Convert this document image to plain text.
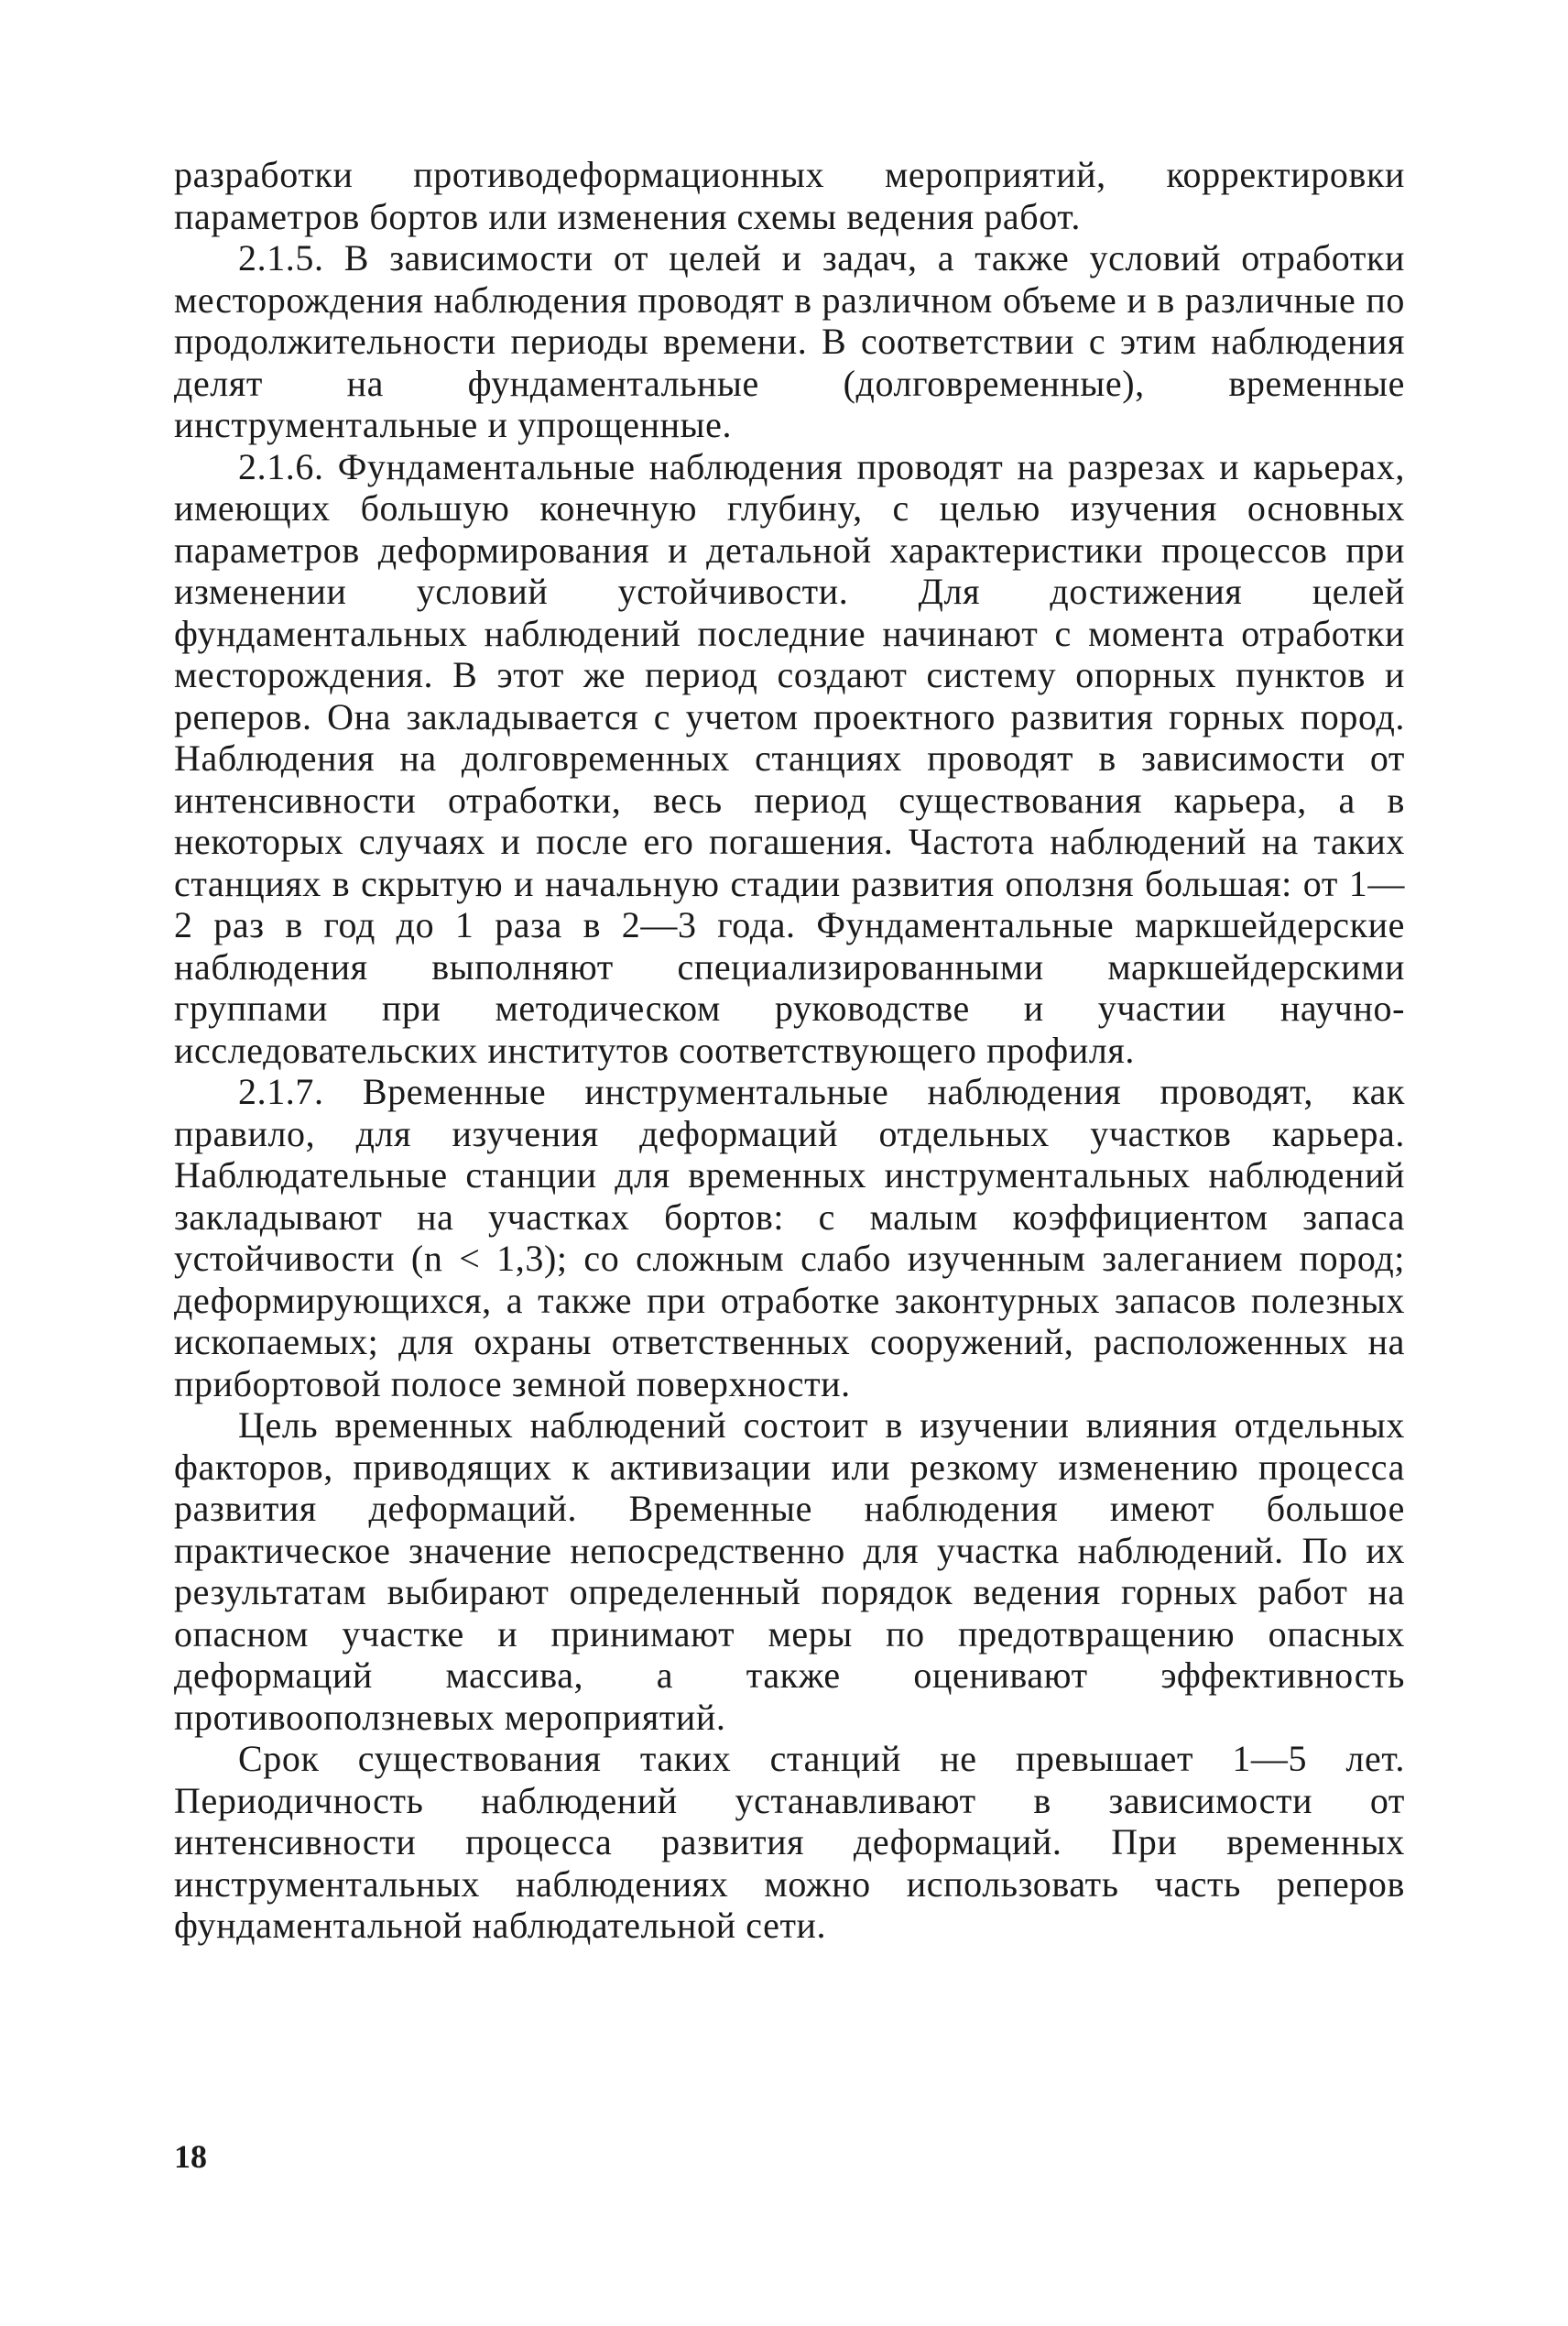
разработки противодеформационных мероприятий, корректировки параметров бортов или изменения схемы ведения работ.

2.1.5. В зависимости от целей и задач, а также условий отработки месторождения наблюдения проводят в различном объеме и в различные по продолжительности периоды времени. В соответствии с этим наблюдения делят на фундаментальные (долговременные), временные инструментальные и упрощенные.

2.1.6. Фундаментальные наблюдения проводят на разрезах и карьерах, имеющих большую конечную глубину, с целью изучения основных параметров деформирования и детальной характеристики процессов при изменении условий устойчивости. Для достижения целей фундаментальных наблюдений последние начинают с момента отработки месторождения. В этот же период создают систему опорных пунктов и реперов. Она закладывается с учетом проектного развития горных пород. Наблюдения на долговременных станциях проводят в зависимости от интенсивности отработки, весь период существования карьера, а в некоторых случаях и после его погашения. Частота наблюдений на таких станциях в скрытую и начальную стадии развития оползня большая: от 1—2 раз в год до 1 раза в 2—3 года. Фундаментальные маркшейдерские наблюдения выполняют специализированными маркшейдерскими группами при методическом руководстве и участии научно-исследовательских институтов соответствующего профиля.

2.1.7. Временные инструментальные наблюдения проводят, как правило, для изучения деформаций отдельных участков карьера. Наблюдательные станции для временных инструментальных наблюдений закладывают на участках бортов: с малым коэффициентом запаса устойчивости (n < 1,3); со сложным слабо изученным залеганием пород; деформирующихся, а также при отработке законтурных запасов полезных ископаемых; для охраны ответственных сооружений, расположенных на прибортовой полосе земной поверхности.

Цель временных наблюдений состоит в изучении влияния отдельных факторов, приводящих к активизации или резкому изменению процесса развития деформаций. Временные наблюдения имеют большое практическое значение непосредственно для участка наблюдений. По их результатам выбирают определенный порядок ведения горных работ на опасном участке и принимают меры по предотвращению опасных деформаций массива, а также оценивают эффективность противооползневых мероприятий.

Срок существования таких станций не превышает 1—5 лет. Периодичность наблюдений устанавливают в зависимости от интенсивности процесса развития деформаций. При временных инструментальных наблюдениях можно использовать часть реперов фундаментальной наблюдательной сети.

18
